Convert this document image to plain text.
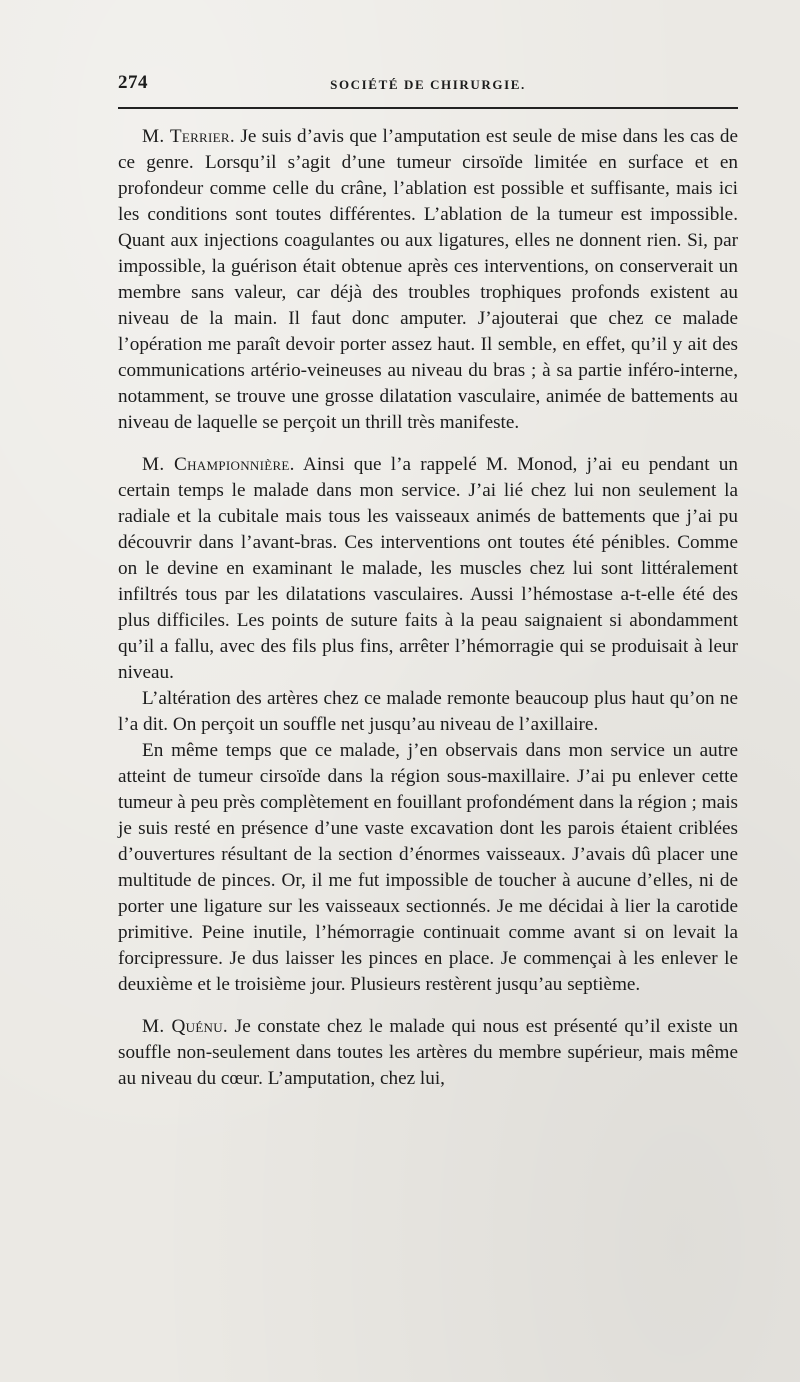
274	SOCIÉTÉ DE CHIRURGIE.

M. Terrier. Je suis d’avis que l’amputation est seule de mise dans les cas de ce genre. Lorsqu’il s’agit d’une tumeur cirsoïde limitée en surface et en profondeur comme celle du crâne, l’ablation est possible et suffisante, mais ici les conditions sont toutes différentes. L’ablation de la tumeur est impossible. Quant aux injections coagulantes ou aux ligatures, elles ne donnent rien. Si, par impossible, la guérison était obtenue après ces interventions, on conserverait un membre sans valeur, car déjà des troubles trophiques profonds existent au niveau de la main. Il faut donc amputer. J’ajouterai que chez ce malade l’opération me paraît devoir porter assez haut. Il semble, en effet, qu’il y ait des communications artério-veineuses au niveau du bras ; à sa partie inféro-interne, notamment, se trouve une grosse dilatation vasculaire, animée de battements au niveau de laquelle se perçoit un thrill très manifeste.

M. Championnière. Ainsi que l’a rappelé M. Monod, j’ai eu pendant un certain temps le malade dans mon service. J’ai lié chez lui non seulement la radiale et la cubitale mais tous les vaisseaux animés de battements que j’ai pu découvrir dans l’avant-bras. Ces interventions ont toutes été pénibles. Comme on le devine en examinant le malade, les muscles chez lui sont littéralement infiltrés tous par les dilatations vasculaires. Aussi l’hémostase a-t-elle été des plus difficiles. Les points de suture faits à la peau saignaient si abondamment qu’il a fallu, avec des fils plus fins, arrêter l’hémorragie qui se produisait à leur niveau.

L’altération des artères chez ce malade remonte beaucoup plus haut qu’on ne l’a dit. On perçoit un souffle net jusqu’au niveau de l’axillaire.

En même temps que ce malade, j’en observais dans mon service un autre atteint de tumeur cirsoïde dans la région sous-maxillaire. J’ai pu enlever cette tumeur à peu près complètement en fouillant profondément dans la région ; mais je suis resté en présence d’une vaste excavation dont les parois étaient criblées d’ouvertures résultant de la section d’énormes vaisseaux. J’avais dû placer une multitude de pinces. Or, il me fut impossible de toucher à aucune d’elles, ni de porter une ligature sur les vaisseaux sectionnés. Je me décidai à lier la carotide primitive. Peine inutile, l’hémorragie continuait comme avant si on levait la forcipressure. Je dus laisser les pinces en place. Je commençai à les enlever le deuxième et le troisième jour. Plusieurs restèrent jusqu’au septième.

M. Quénu. Je constate chez le malade qui nous est présenté qu’il existe un souffle non-seulement dans toutes les artères du membre supérieur, mais même au niveau du cœur. L’amputation, chez lui,
